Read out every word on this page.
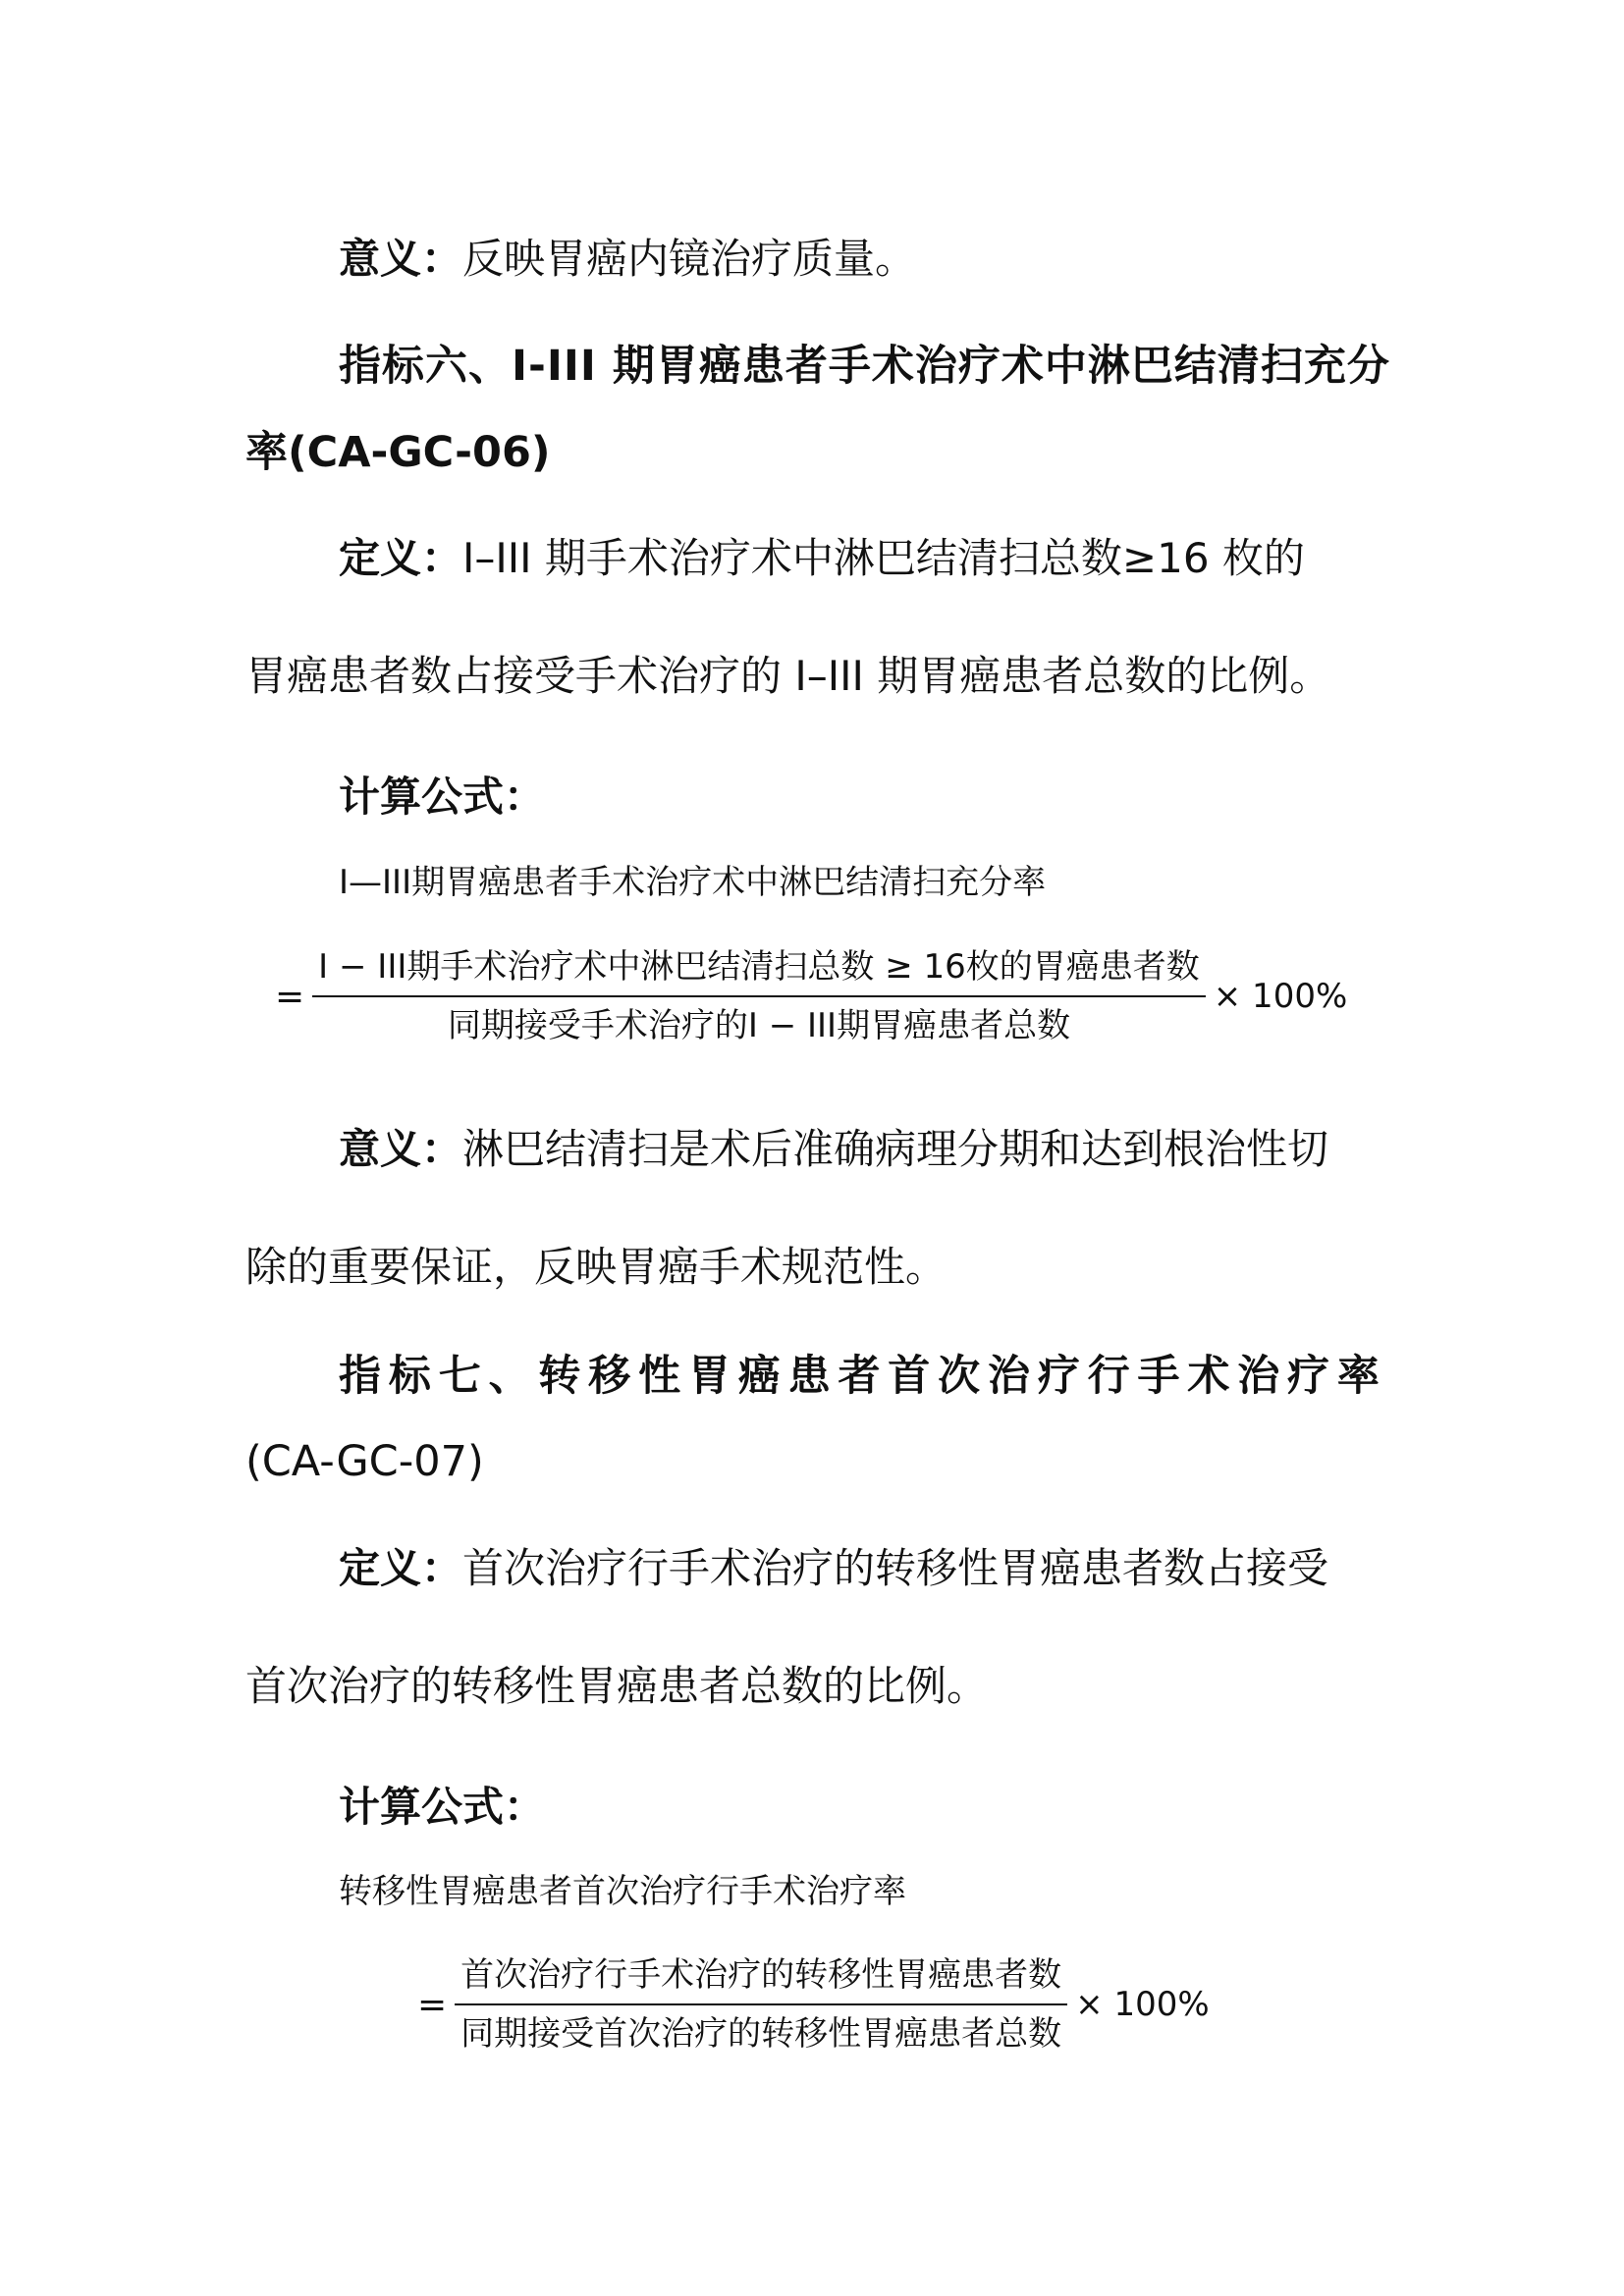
意义：反映胃癌内镜治疗质量。
指标六、I-III 期胃癌患者手术治疗术中淋巴结清扫充分
率(CA-GC-06)
定义：I–III 期手术治疗术中淋巴结清扫总数≥16 枚的
胃癌患者数占接受手术治疗的 I–III 期胃癌患者总数的比例。
计算公式：
I—III期胃癌患者手术治疗术中淋巴结清扫充分率
= $\frac{\text{I − III期手术治疗术中淋巴结清扫总数 ≥ 16枚的胃癌患者数}}{\text{同期接受手术治疗的I − III期胃癌患者总数}} \times 100\%$
意义：淋巴结清扫是术后准确病理分期和达到根治性切
除的重要保证，反映胃癌手术规范性。
指 标 七 、 转 移 性 胃 癌 患 者 首 次 治 疗 行 手 术 治 疗 率
(CA-GC-07)
定义：首次治疗行手术治疗的转移性胃癌患者数占接受
首次治疗的转移性胃癌患者总数的比例。
计算公式：
转移性胃癌患者首次治疗行手术治疗率
= $\frac{\text{首次治疗行手术治疗的转移性胃癌患者数}}{\text{同期接受首次治疗的转移性胃癌患者总数}} \times 100\%$
